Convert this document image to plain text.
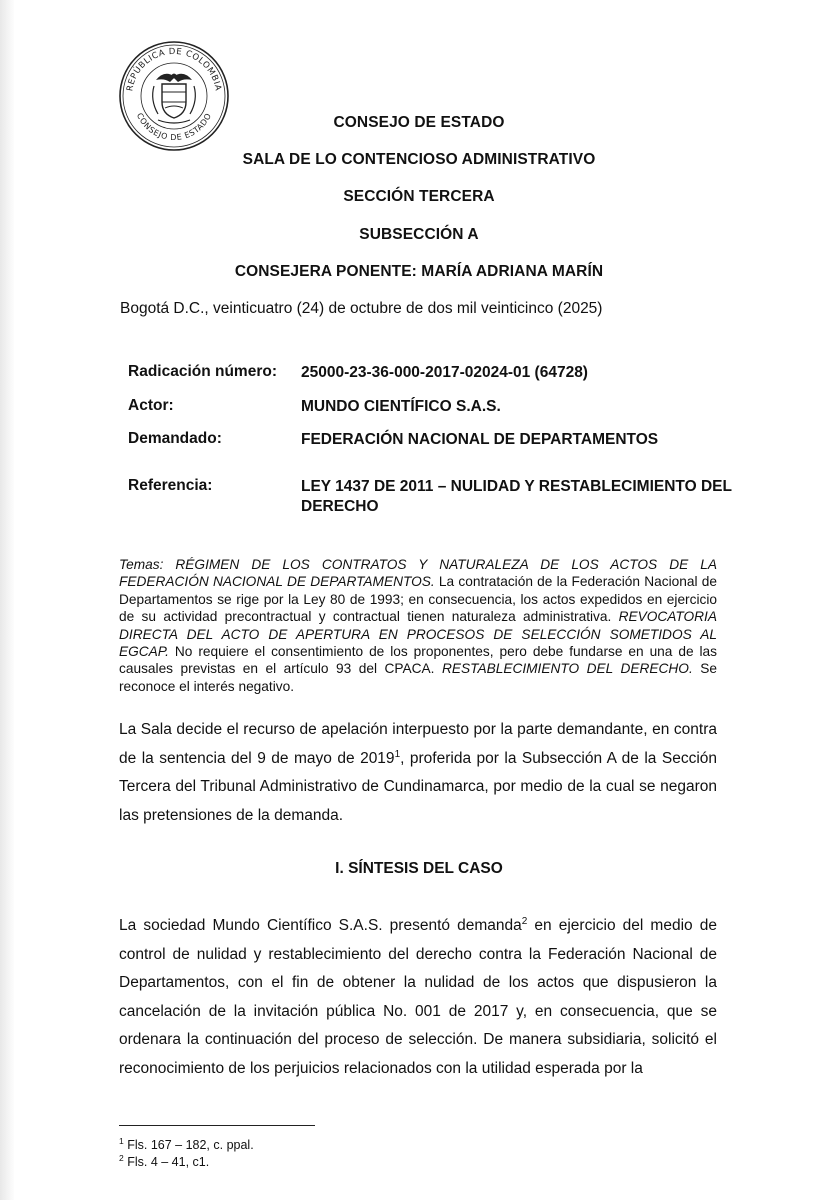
REPÚBLICA DE COLOMBIA
CONSEJO DE ESTADO	CONSEJO DE ESTADO
SALA DE LO CONTENCIOSO ADMINISTRATIVO
SECCIÓN TERCERA
SUBSECCIÓN A
CONSEJERA PONENTE: MARÍA ADRIANA MARÍN
Bogotá D.C., veinticuatro (24) de octubre de dos mil veinticinco (2025)
Radicación número:	25000-23-36-000-2017-02024-01 (64728)
Actor:	MUNDO CIENTÍFICO S.A.S.
Demandado:	FEDERACIÓN NACIONAL DE DEPARTAMENTOS
Referencia:	LEY 1437 DE 2011 – NULIDAD Y RESTABLECIMIENTO DEL DERECHO
Temas: RÉGIMEN DE LOS CONTRATOS Y NATURALEZA DE LOS ACTOS DE LA FEDERACIÓN NACIONAL DE DEPARTAMENTOS. La contratación de la Federación Nacional de Departamentos se rige por la Ley 80 de 1993; en consecuencia, los actos expedidos en ejercicio de su actividad precontractual y contractual tienen naturaleza administrativa. REVOCATORIA DIRECTA DEL ACTO DE APERTURA EN PROCESOS DE SELECCIÓN SOMETIDOS AL EGCAP. No requiere el consentimiento de los proponentes, pero debe fundarse en una de las causales previstas en el artículo 93 del CPACA. RESTABLECIMIENTO DEL DERECHO. Se reconoce el interés negativo.
La Sala decide el recurso de apelación interpuesto por la parte demandante, en contra de la sentencia del 9 de mayo de 2019$^1$, proferida por la Subsección A de la Sección Tercera del Tribunal Administrativo de Cundinamarca, por medio de la cual se negaron las pretensiones de la demanda.
I. SÍNTESIS DEL CASO
La sociedad Mundo Científico S.A.S. presentó demanda$^2$ en ejercicio del medio de control de nulidad y restablecimiento del derecho contra la Federación Nacional de Departamentos, con el fin de obtener la nulidad de los actos que dispusieron la cancelación de la invitación pública No. 001 de 2017 y, en consecuencia, que se ordenara la continuación del proceso de selección. De manera subsidiaria, solicitó el reconocimiento de los perjuicios relacionados con la utilidad esperada por la
$^1$ Fls. 167 – 182, c. ppal.
$^2$ Fls. 4 – 41, c1.
